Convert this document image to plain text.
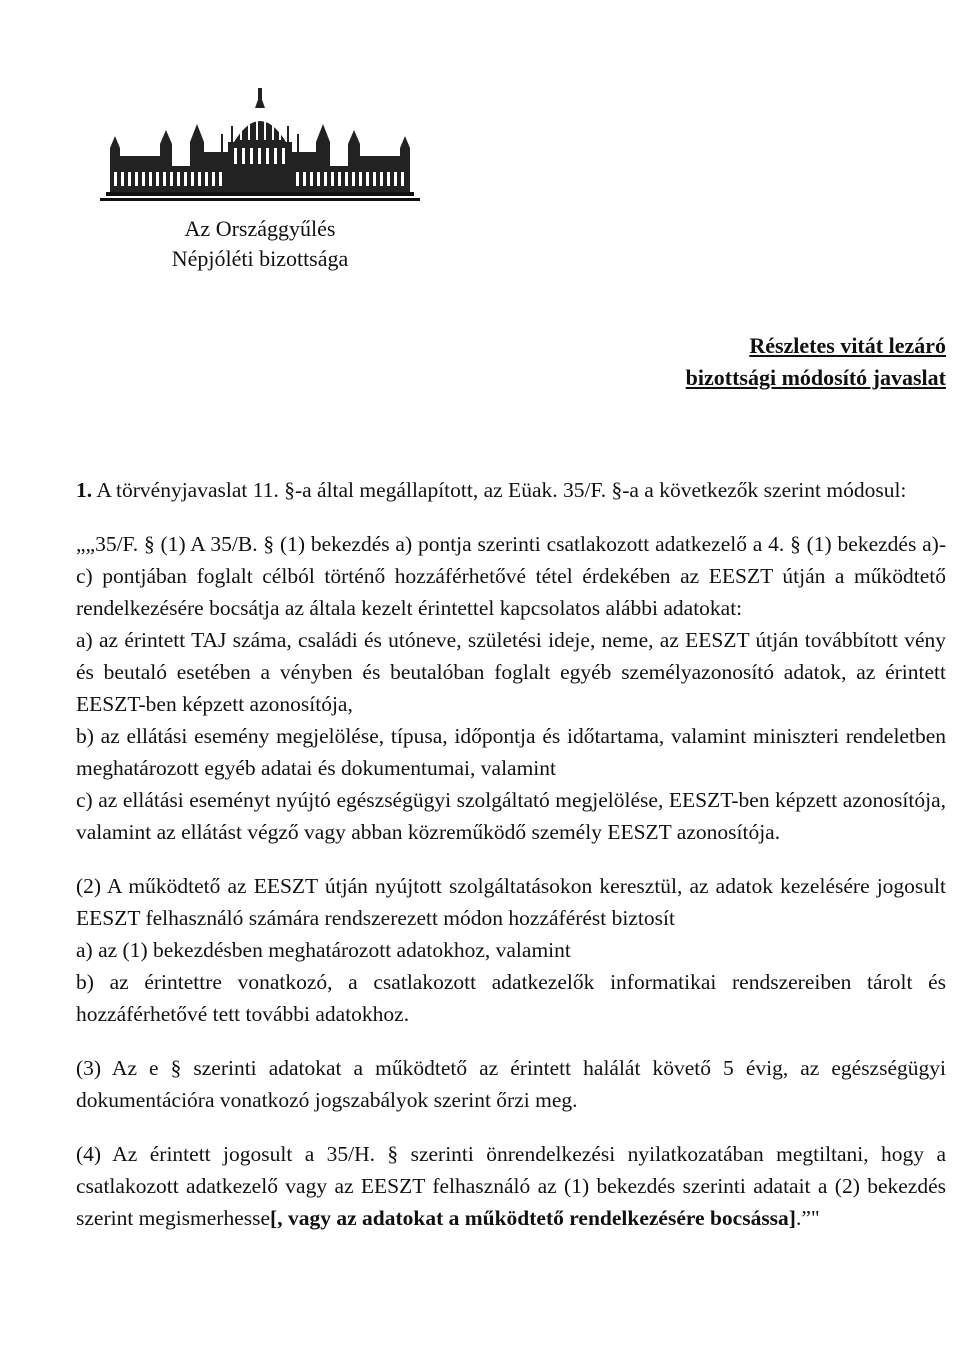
Az Országgyűlés
Népjóléti bizottsága
Részletes vitát lezáró
bizottsági módosító javaslat

1. A törvényjavaslat 11. §-a által megállapított, az Eüak. 35/F. §-a a következők szerint módosul:

„„35/F. § (1) A 35/B. § (1) bekezdés a) pontja szerinti csatlakozott adatkezelő a 4. § (1) bekezdés a)-c) pontjában foglalt célból történő hozzáférhetővé tétel érdekében az EESZT útján a működtető rendelkezésére bocsátja az általa kezelt érintettel kapcsolatos alábbi adatokat:

a) az érintett TAJ száma, családi és utóneve, születési ideje, neme, az EESZT útján továbbított vény és beutaló esetében a vényben és beutalóban foglalt egyéb személyazonosító adatok, az érintett EESZT-ben képzett azonosítója,

b) az ellátási esemény megjelölése, típusa, időpontja és időtartama, valamint miniszteri rendeletben meghatározott egyéb adatai és dokumentumai, valamint

c) az ellátási eseményt nyújtó egészségügyi szolgáltató megjelölése, EESZT-ben képzett azonosítója, valamint az ellátást végző vagy abban közreműködő személy EESZT azonosítója.

(2) A működtető az EESZT útján nyújtott szolgáltatásokon keresztül, az adatok kezelésére jogosult EESZT felhasználó számára rendszerezett módon hozzáférést biztosít

a) az (1) bekezdésben meghatározott adatokhoz, valamint

b) az érintettre vonatkozó, a csatlakozott adatkezelők informatikai rendszereiben tárolt és hozzáférhetővé tett további adatokhoz.

(3) Az e § szerinti adatokat a működtető az érintett halálát követő 5 évig, az egészségügyi dokumentációra vonatkozó jogszabályok szerint őrzi meg.

(4) Az érintett jogosult a 35/H. § szerinti önrendelkezési nyilatkozatában megtiltani, hogy a csatlakozott adatkezelő vagy az EESZT felhasználó az (1) bekezdés szerinti adatait a (2) bekezdés szerint megismerhesse[, vagy az adatokat a működtető rendelkezésére bocsássa].”"
